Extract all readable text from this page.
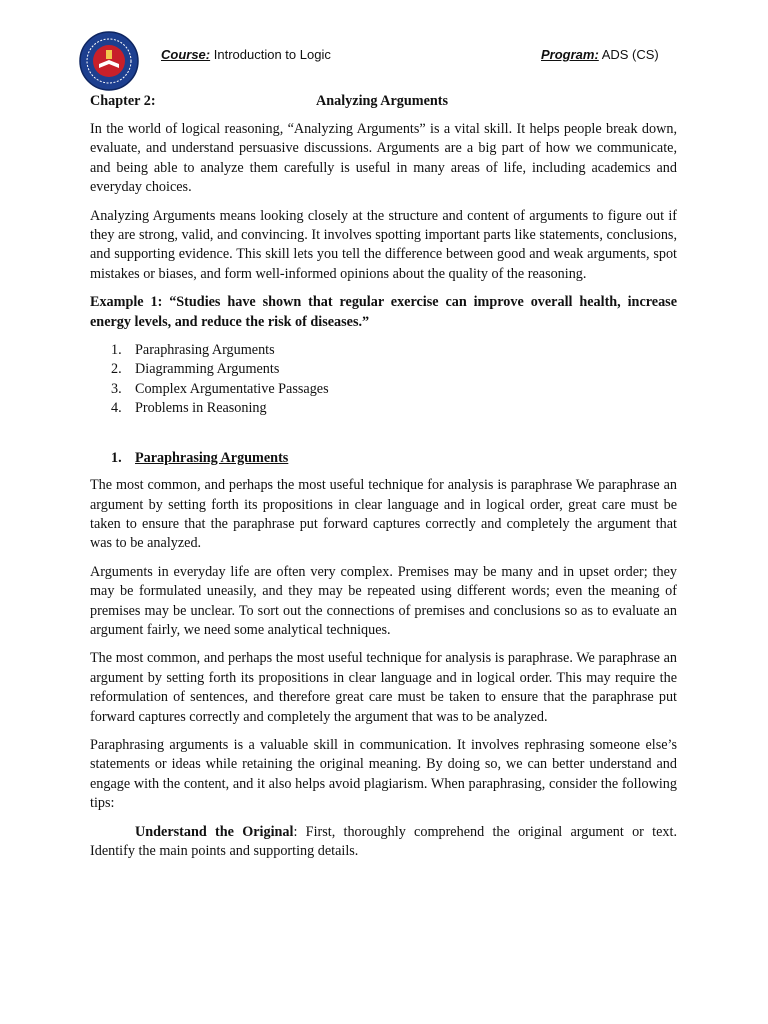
Course: Introduction to Logic	Program: ADS (CS)
Chapter 2:	Analyzing Arguments

In the world of logical reasoning, “Analyzing Arguments” is a vital skill. It helps people break down, evaluate, and understand persuasive discussions. Arguments are a big part of how we communicate, and being able to analyze them carefully is useful in many areas of life, including academics and everyday choices.

Analyzing Arguments means looking closely at the structure and content of arguments to figure out if they are strong, valid, and convincing. It involves spotting important parts like statements, conclusions, and supporting evidence. This skill lets you tell the difference between good and weak arguments, spot mistakes or biases, and form well-informed opinions about the quality of the reasoning.

Example 1: “Studies have shown that regular exercise can improve overall health, increase energy levels, and reduce the risk of diseases.”

1. Paraphrasing Arguments
2. Diagramming Arguments
3. Complex Argumentative Passages
4. Problems in Reasoning
1. Paraphrasing Arguments

The most common, and perhaps the most useful technique for analysis is paraphrase We paraphrase an argument by setting forth its propositions in clear language and in logical order, great care must be taken to ensure that the paraphrase put forward captures correctly and completely the argument that was to be analyzed.

Arguments in everyday life are often very complex. Premises may be many and in upset order; they may be formulated uneasily, and they may be repeated using different words; even the meaning of premises may be unclear. To sort out the connections of premises and conclusions so as to evaluate an argument fairly, we need some analytical techniques.

The most common, and perhaps the most useful technique for analysis is paraphrase. We paraphrase an argument by setting forth its propositions in clear language and in logical order. This may require the reformulation of sentences, and therefore great care must be taken to ensure that the paraphrase put forward captures correctly and completely the argument that was to be analyzed.

Paraphrasing arguments is a valuable skill in communication. It involves rephrasing someone else’s statements or ideas while retaining the original meaning. By doing so, we can better understand and engage with the content, and it also helps avoid plagiarism. When paraphrasing, consider the following tips:

Understand the Original: First, thoroughly comprehend the original argument or text. Identify the main points and supporting details.
